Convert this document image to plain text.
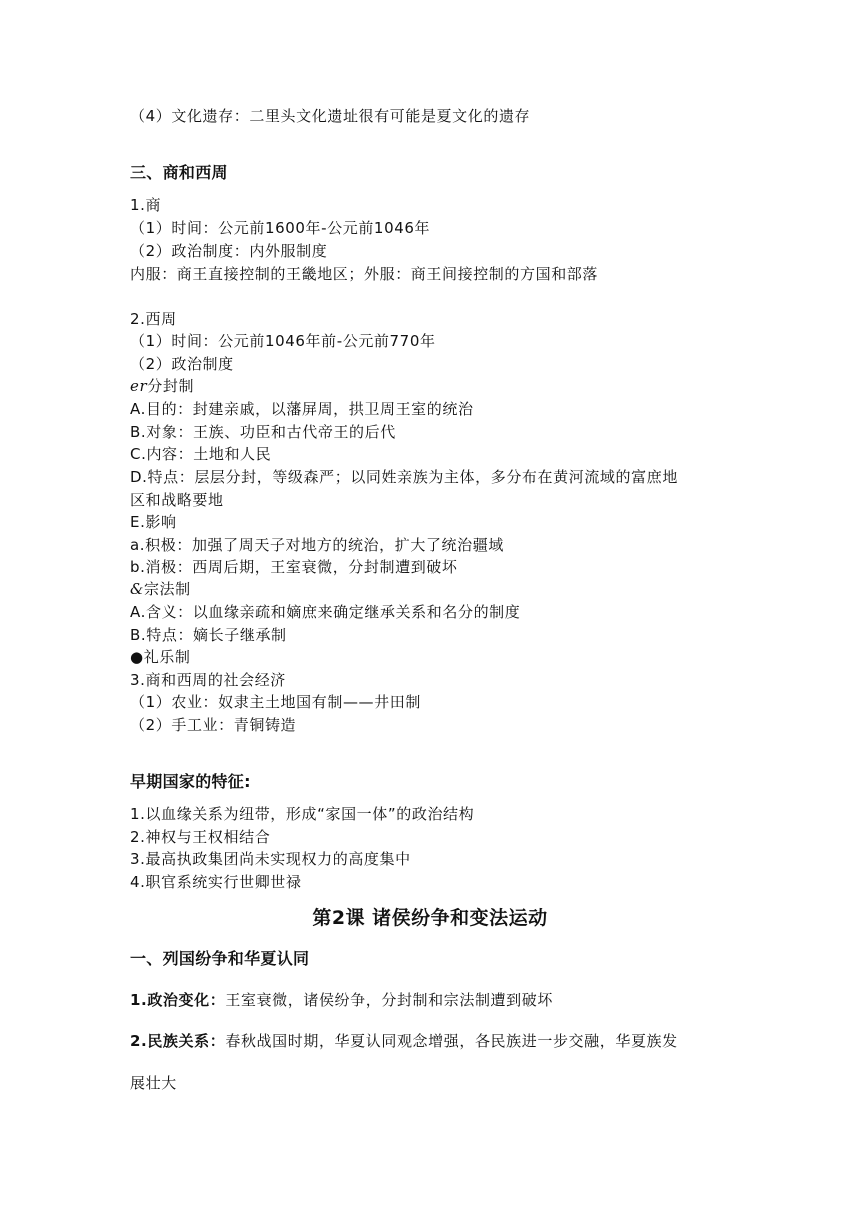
（4）文化遗存：二里头文化遗址很有可能是夏文化的遗存
三、商和西周
1.商
（1）时间：公元前1600年-公元前1046年
（2）政治制度：内外服制度
内服：商王直接控制的王畿地区；外服：商王间接控制的方国和部落
2.西周
（1）时间：公元前1046年前-公元前770年
（2）政治制度
er分封制
A.目的：封建亲戚，以藩屏周，拱卫周王室的统治
B.对象：王族、功臣和古代帝王的后代
C.内容：土地和人民
D.特点：层层分封，等级森严；以同姓亲族为主体，多分布在黄河流域的富庶地
区和战略要地
E.影响
a.积极：加强了周天子对地方的统治，扩大了统治疆域
b.消极：西周后期，王室衰微，分封制遭到破坏
&宗法制
A.含义：以血缘亲疏和嫡庶来确定继承关系和名分的制度
B.特点：嫡长子继承制
●礼乐制
3.商和西周的社会经济
（1）农业：奴隶主土地国有制——井田制
（2）手工业：青铜铸造
早期国家的特征:
1.以血缘关系为纽带，形成“家国一体”的政治结构
2.神权与王权相结合
3.最高执政集团尚未实现权力的高度集中
4.职官系统实行世卿世禄
第2课 诸侯纷争和变法运动
一、列国纷争和华夏认同
1.政治变化：王室衰微，诸侯纷争，分封制和宗法制遭到破坏
2.民族关系：春秋战国时期，华夏认同观念增强，各民族进一步交融，华夏族发
展壮大
